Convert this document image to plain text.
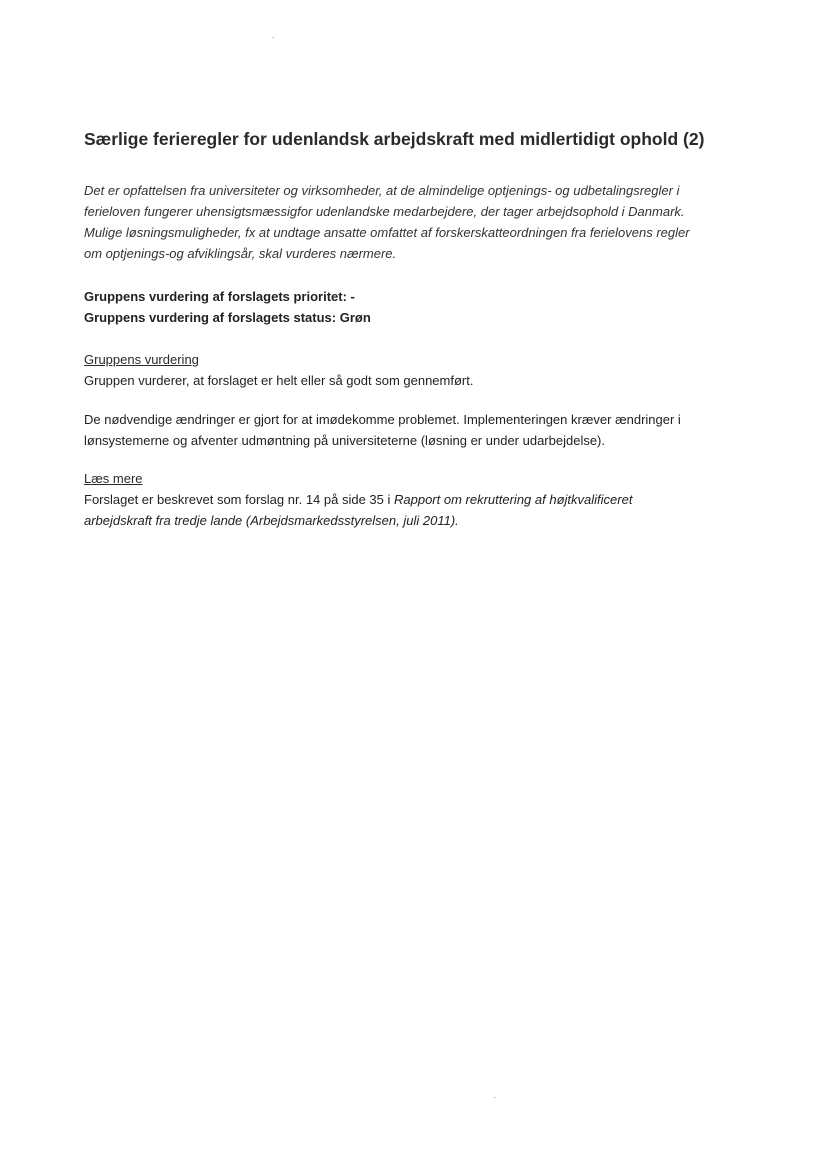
Særlige ferieregler for udenlandsk arbejdskraft med midlertidigt ophold (2)
Det er opfattelsen fra universiteter og virksomheder, at de almindelige optjenings- og udbetalingsregler i
ferieloven fungerer uhensigtsmæssigfor udenlandske medarbejdere, der tager arbejdsophold i Danmark.
Mulige løsningsmuligheder, fx at undtage ansatte omfattet af forskerskatteordningen fra ferielovens regler
om optjenings-og afviklingsår, skal vurderes nærmere.
Gruppens vurdering af forslagets prioritet: -
Gruppens vurdering af forslagets status: Grøn
Gruppens vurdering
Gruppen vurderer, at forslaget er helt eller så godt som gennemført.
De nødvendige ændringer er gjort for at imødekomme problemet. Implementeringen kræver ændringer i
lønsystemerne og afventer udmøntning på universiteterne (løsning er under udarbejdelse).
Læs mere
Forslaget er beskrevet som forslag nr. 14 på side 35 i Rapport om rekruttering af højtkvalificeret
arbejdskraft fra tredje lande (Arbejdsmarkedsstyrelsen, juli 2011).
